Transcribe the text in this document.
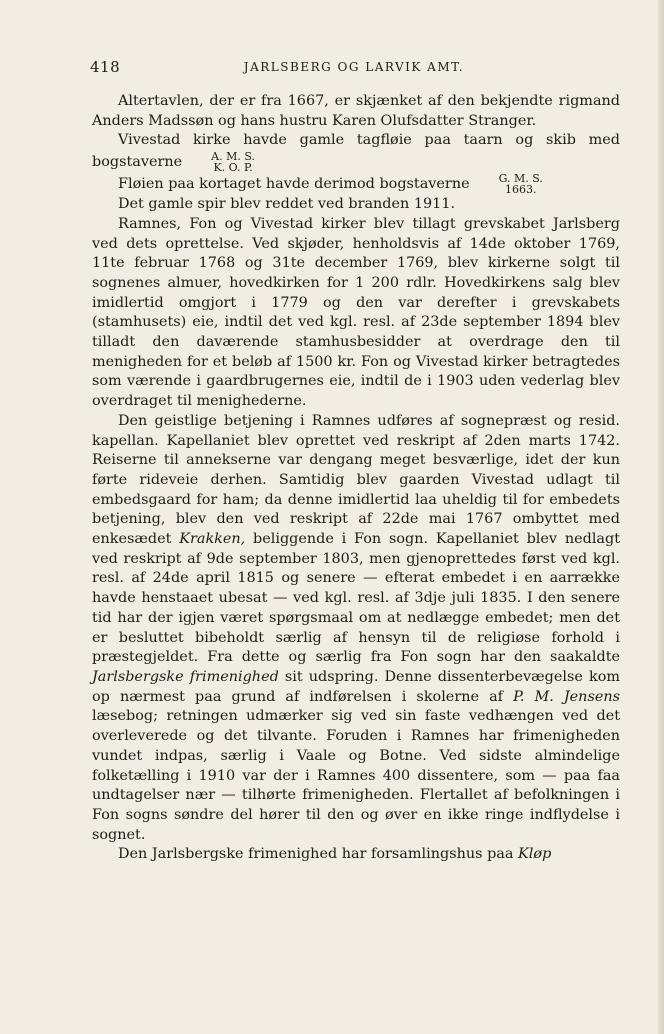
418	JARLSBERG OG LARVIK AMT.

Altertavlen, der er fra 1667, er skjænket af den bekjendte rigmand Anders Madssøn og hans hustru Karen Olufsdatter Stranger.

Vivestad kirke havde gamle tagfløie paa taarn og skib med bogstaverne	A. M. S.
K. O. P.

Fløien paa kortaget havde derimod bogstaverne	G. M. S.
1663.

Det gamle spir blev reddet ved branden 1911.

Ramnes, Fon og Vivestad kirker blev tillagt grevskabet Jarlsberg ved dets oprettelse. Ved skjøder, henholdsvis af 14de oktober 1769, 11te februar 1768 og 31te december 1769, blev kirkerne solgt til sognenes almuer, hovedkirken for 1 200 rdlr. Hovedkirkens salg blev imidlertid omgjort i 1779 og den var derefter i grevskabets (stamhusets) eie, indtil det ved kgl. resl. af 23de september 1894 blev tilladt den daværende stamhusbesidder at overdrage den til menigheden for et beløb af 1500 kr. Fon og Vivestad kirker betragtedes som værende i gaardbrugernes eie, indtil de i 1903 uden vederlag blev overdraget til menighederne.

Den geistlige betjening i Ramnes udføres af sognepræst og resid. kapellan. Kapellaniet blev oprettet ved reskript af 2den marts 1742. Reiserne til annekserne var dengang meget besværlige, idet der kun førte rideveie derhen. Samtidig blev gaarden Vivestad udlagt til embedsgaard for ham; da denne imidlertid laa uheldig til for embedets betjening, blev den ved reskript af 22de mai 1767 ombyttet med enkesædet Krakken, beliggende i Fon sogn. Kapellaniet blev nedlagt ved reskript af 9de september 1803, men gjenoprettedes først ved kgl. resl. af 24de april 1815 og senere — efterat embedet i en aarrække havde henstaaet ubesat — ved kgl. resl. af 3dje juli 1835. I den senere tid har der igjen været spørgsmaal om at nedlægge embedet; men det er besluttet bibeholdt særlig af hensyn til de religiøse forhold i præstegjeldet. Fra dette og særlig fra Fon sogn har den saakaldte Jarlsbergske frimenighed sit udspring. Denne dissenterbevægelse kom op nærmest paa grund af indførelsen i skolerne af P. M. Jensens læsebog; retningen udmærker sig ved sin faste vedhængen ved det overleverede og det tilvante. Foruden i Ramnes har frimenigheden vundet indpas, særlig i Vaale og Botne. Ved sidste almindelige folketælling i 1910 var der i Ramnes 400 dissentere, som — paa faa undtagelser nær — tilhørte frimenigheden. Flertallet af befolkningen i Fon sogns søndre del hører til den og øver en ikke ringe indflydelse i sognet.

Den Jarlsbergske frimenighed har forsamlingshus paa Kløp
